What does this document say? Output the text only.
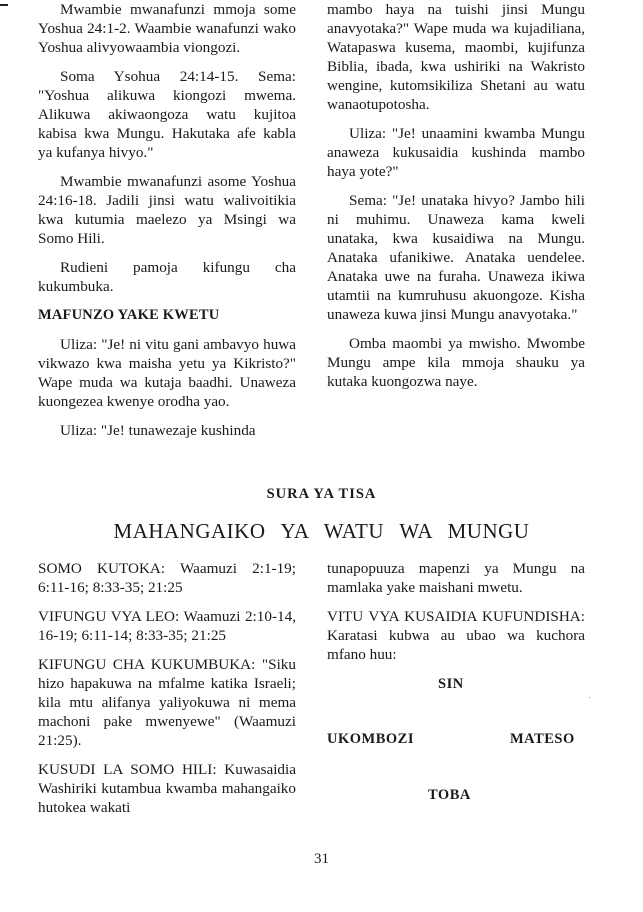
Mwambie mwanafunzi mmoja some Yoshua 24:1-2. Waambie wanafunzi wako Yoshua alivyowaambia viongozi.

Soma Ysohua 24:14-15. Sema: "Yoshua alikuwa kiongozi mwema. Alikuwa akiwaongoza watu kujitoa kabisa kwa Mungu. Hakutaka afe kabla ya kufanya hivyo."

Mwambie mwanafunzi asome Yoshua 24:16-18. Jadili jinsi watu walivoitikia kwa kutumia maelezo ya Msingi wa Somo Hili.

Rudieni pamoja kifungu cha kukumbuka.

MAFUNZO YAKE KWETU

Uliza: "Je! ni vitu gani ambavyo huwa vikwazo kwa maisha yetu ya Kikristo?" Wape muda wa kutaja baadhi. Unaweza kuongezea kwenye orodha yao.

Uliza: "Je! tunawezaje kushinda

mambo haya na tuishi jinsi Mungu anavyotaka?" Wape muda wa kujadiliana, Watapaswa kusema, maombi, kujifunza Biblia, ibada, kwa ushiriki na Wakristo wengine, kutomsikiliza Shetani au watu wanaotupotosha.

Uliza: "Je! unaamini kwamba Mungu anaweza kukusaidia kushinda mambo haya yote?"

Sema: "Je! unataka hivyo? Jambo hili ni muhimu. Unaweza kama kweli unataka, kwa kusaidiwa na Mungu. Anataka ufanikiwe. Anataka uendelee. Anataka uwe na furaha. Unaweza ikiwa utamtii na kumruhusu akuongoze. Kisha unaweza kuwa jinsi Mungu anavyotaka."

Omba maombi ya mwisho. Mwombe Mungu ampe kila mmoja shauku ya kutaka kuongozwa naye.

SURA YA TISA
MAHANGAIKO YA WATU WA MUNGU

SOMO KUTOKA: Waamuzi 2:1-19; 6:11-16; 8:33-35; 21:25

VIFUNGU VYA LEO: Waamuzi 2:10-14, 16-19; 6:11-14; 8:33-35; 21:25

KIFUNGU CHA KUKUMBUKA: "Siku hizo hapakuwa na mfalme katika Israeli; kila mtu alifanya yaliyokuwa ni mema machoni pake mwenyewe" (Waamuzi 21:25).

KUSUDI LA SOMO HILI: Kuwasaidia Washiriki kutambua kwamba mahangaiko hutokea wakati

tunapopuuza mapenzi ya Mungu na mamlaka yake maishani mwetu.

VITU VYA KUSAIDIA KUFUNDISHA: Karatasi kubwa au ubao wa kuchora mfano huu:

SIN
UKOMBOZI	MATESO
TOBA
31
